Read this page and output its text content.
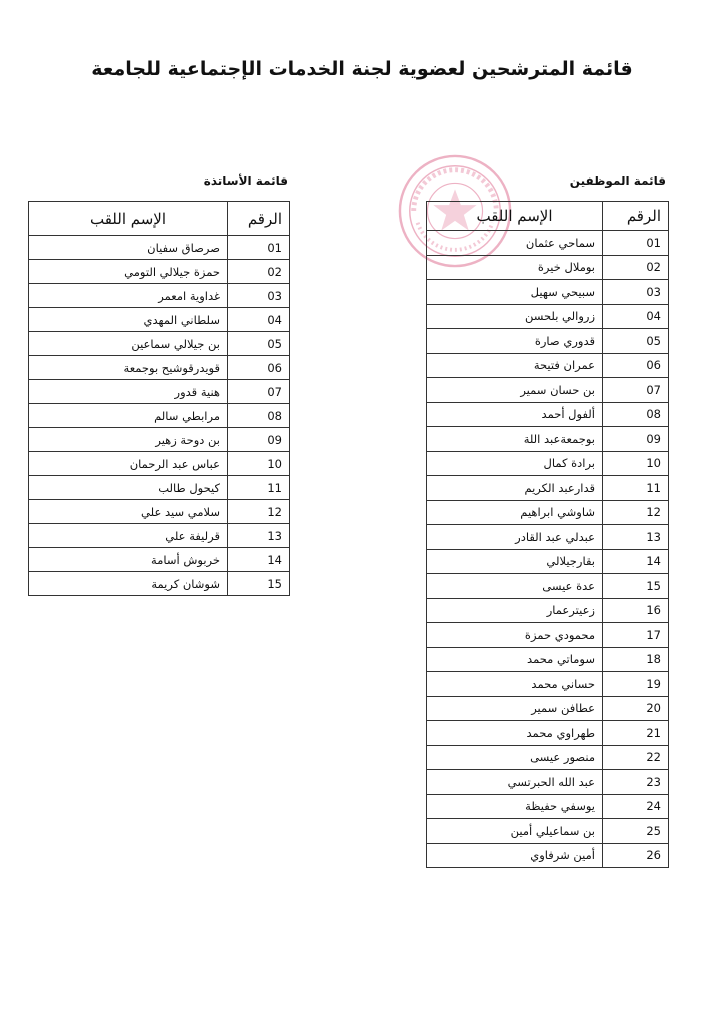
قائمة المترشحين لعضوية لجنة الخدمات الإجتماعية للجامعة
قائمة الموظفين
الرقم	الإسم اللقب
01	سماحي عثمان
02	بوملال خيرة
03	سبيحي سهيل
04	زروالي بلحسن
05	قدوري صارة
06	عمران فتيحة
07	بن حسان سمير
08	ألفول أحمد
09	بوجمعةعبد اللة
10	برادة كمال
11	قدارعبد الكريم
12	شاوشي ابراهيم
13	عبدلي عبد القادر
14	بقارجيلالي
15	عدة عيسى
16	زعيترعمار
17	محمودي حمزة
18	سوماتي محمد
19	حساني محمد
20	عطافن سمير
21	طهراوي محمد
22	منصور عيسى
23	عبد الله الحبرتسي
24	يوسفي حفيظة
25	بن سماعيلي أمين
26	أمين شرفاوي
قائمة الأساتذة
الرقم	الإسم اللقب
01	صرصاق سفيان
02	حمزة جيلالي التومي
03	غداوية امعمر
04	سلطاني المهدي
05	بن جيلالي سماعين
06	قويدرقوشيح بوجمعة
07	هنية قدور
08	مرابطي سالم
09	بن دوحة زهير
10	عباس عبد الرحمان
11	كيحول طالب
12	سلامي سيد علي
13	قرليفة علي
14	خربوش أسامة
15	شوشان كريمة
